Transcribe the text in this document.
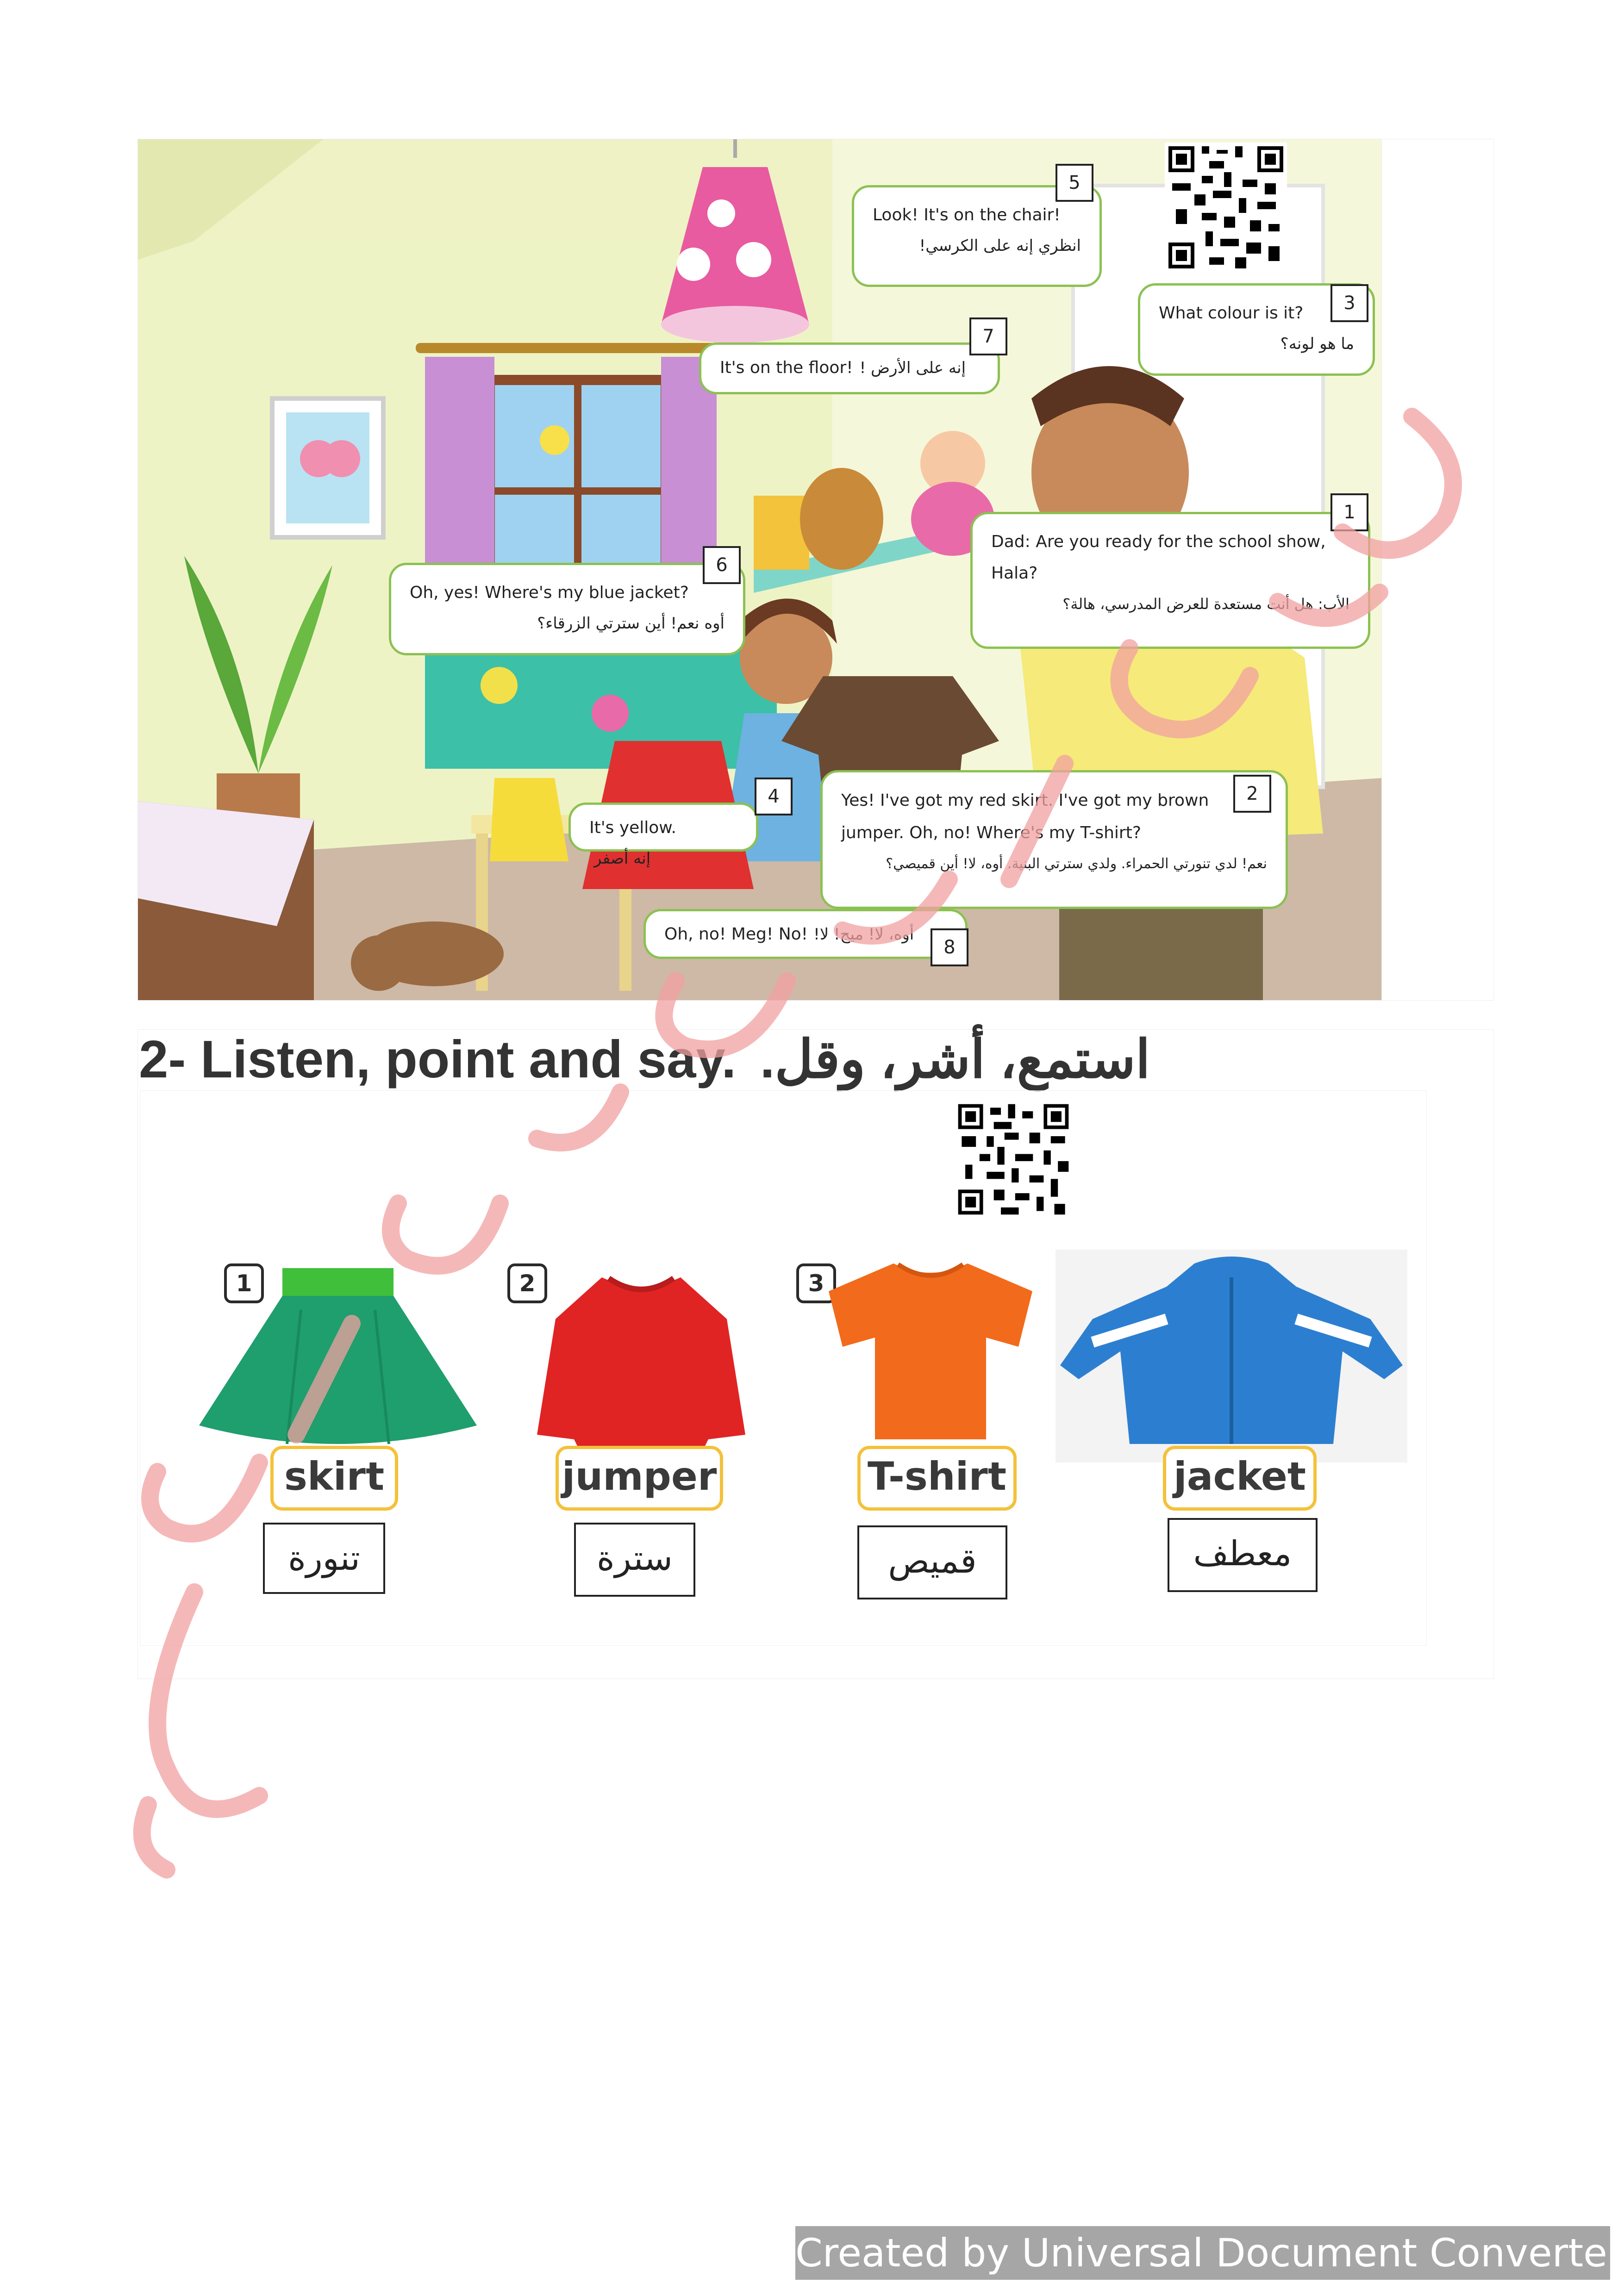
Look! It's on the chair!
انظري إنه على الكرسي!
5
What colour is it?
ما هو لونه؟
3
It's on the floor! إنه على الأرض !
7
Dad: Are you ready for the school show, Hala?
الأب: هل أنت مستعدة للعرض المدرسي، هالة؟
1
Oh, yes! Where's my blue jacket?
أوه نعم! أين سترتي الزرقاء؟
6
It's yellow.إنه أصفر
4	Yes! I've got my red skirt. I've got my brown jumper. Oh, no! Where's my T-shirt?
نعم! لدي تنورتي الحمراء. ولدي سترتي البنية. أوه، لا! أين قميصي؟
2
Oh, no! Meg! No! أوه، لا! ميج! لا!
8
2- Listen, point and say. استمع، أشر، وقل.
1
skirt
تنورة
2
jumper
سترة
3
T-shirt
قميص
jacket
معطف
Created by Universal Document Converter
